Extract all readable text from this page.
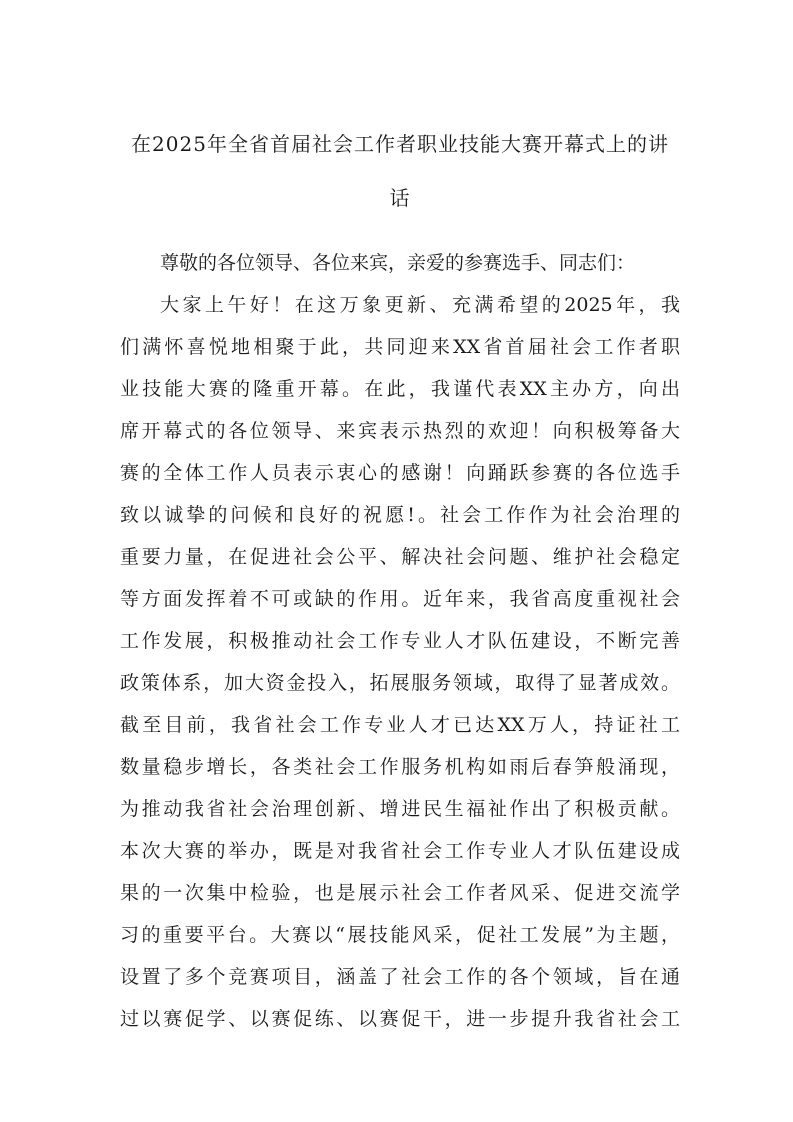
在2025年全省首届社会工作者职业技能大赛开幕式上的讲
话

尊敬的各位领导、各位来宾，亲爱的参赛选手、同志们：

大家上午好！在这万象更新、充满希望的2025年，我

们满怀喜悦地相聚于此，共同迎来XX省首届社会工作者职

业技能大赛的隆重开幕。在此，我谨代表XX主办方，向出

席开幕式的各位领导、来宾表示热烈的欢迎！向积极筹备大

赛的全体工作人员表示衷心的感谢！向踊跃参赛的各位选手

致以诚挚的问候和良好的祝愿!。社会工作作为社会治理的

重要力量，在促进社会公平、解决社会问题、维护社会稳定

等方面发挥着不可或缺的作用。近年来，我省高度重视社会

工作发展，积极推动社会工作专业人才队伍建设，不断完善

政策体系，加大资金投入，拓展服务领域，取得了显著成效。

截至目前，我省社会工作专业人才已达XX万人，持证社工

数量稳步增长，各类社会工作服务机构如雨后春笋般涌现，

为推动我省社会治理创新、增进民生福祉作出了积极贡献。

本次大赛的举办，既是对我省社会工作专业人才队伍建设成

果的一次集中检验，也是展示社会工作者风采、促进交流学

习的重要平台。大赛以“展技能风采，促社工发展”为主题，

设置了多个竞赛项目，涵盖了社会工作的各个领域，旨在通

过以赛促学、以赛促练、以赛促干，进一步提升我省社会工
